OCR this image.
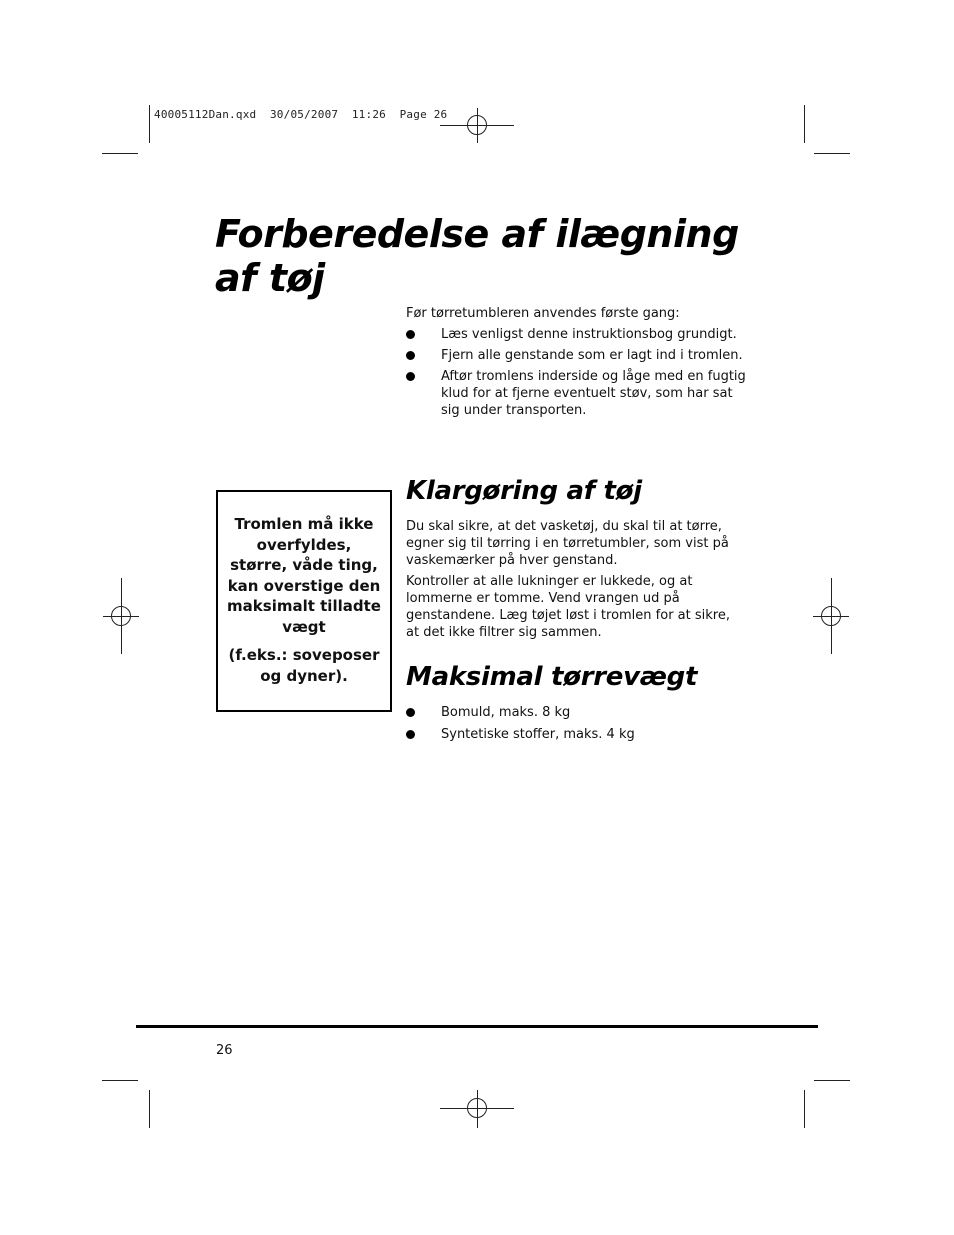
40005112Dan.qxd  30/05/2007  11:26  Page 26
Forberedelse af ilægning af tøj
Før tørretumbleren anvendes første gang:
Læs venligst denne instruktionsbog grundigt.
Fjern alle genstande som er lagt ind i tromlen.
Aftør tromlens inderside og låge med en fugtig klud for at fjerne eventuelt støv, som har sat sig under transporten.
Klargøring af tøj

Du skal sikre, at det vasketøj, du skal til at tørre, egner sig til tørring i en tørretumbler, som vist på vaskemærker på hver genstand.

Kontroller at alle lukninger er lukkede, og at lommerne er tomme. Vend vrangen ud på genstandene. Læg tøjet løst i tromlen for at sikre, at det ikke filtrer sig sammen.

Maksimal tørrevægt
Bomuld, maks. 8 kg
Syntetiske stoffer, maks. 4 kg
Tromlen må ikke overfyldes, større, våde ting, kan overstige den maksimalt tilladte vægt
(f.eks.: soveposer og dyner).
26
